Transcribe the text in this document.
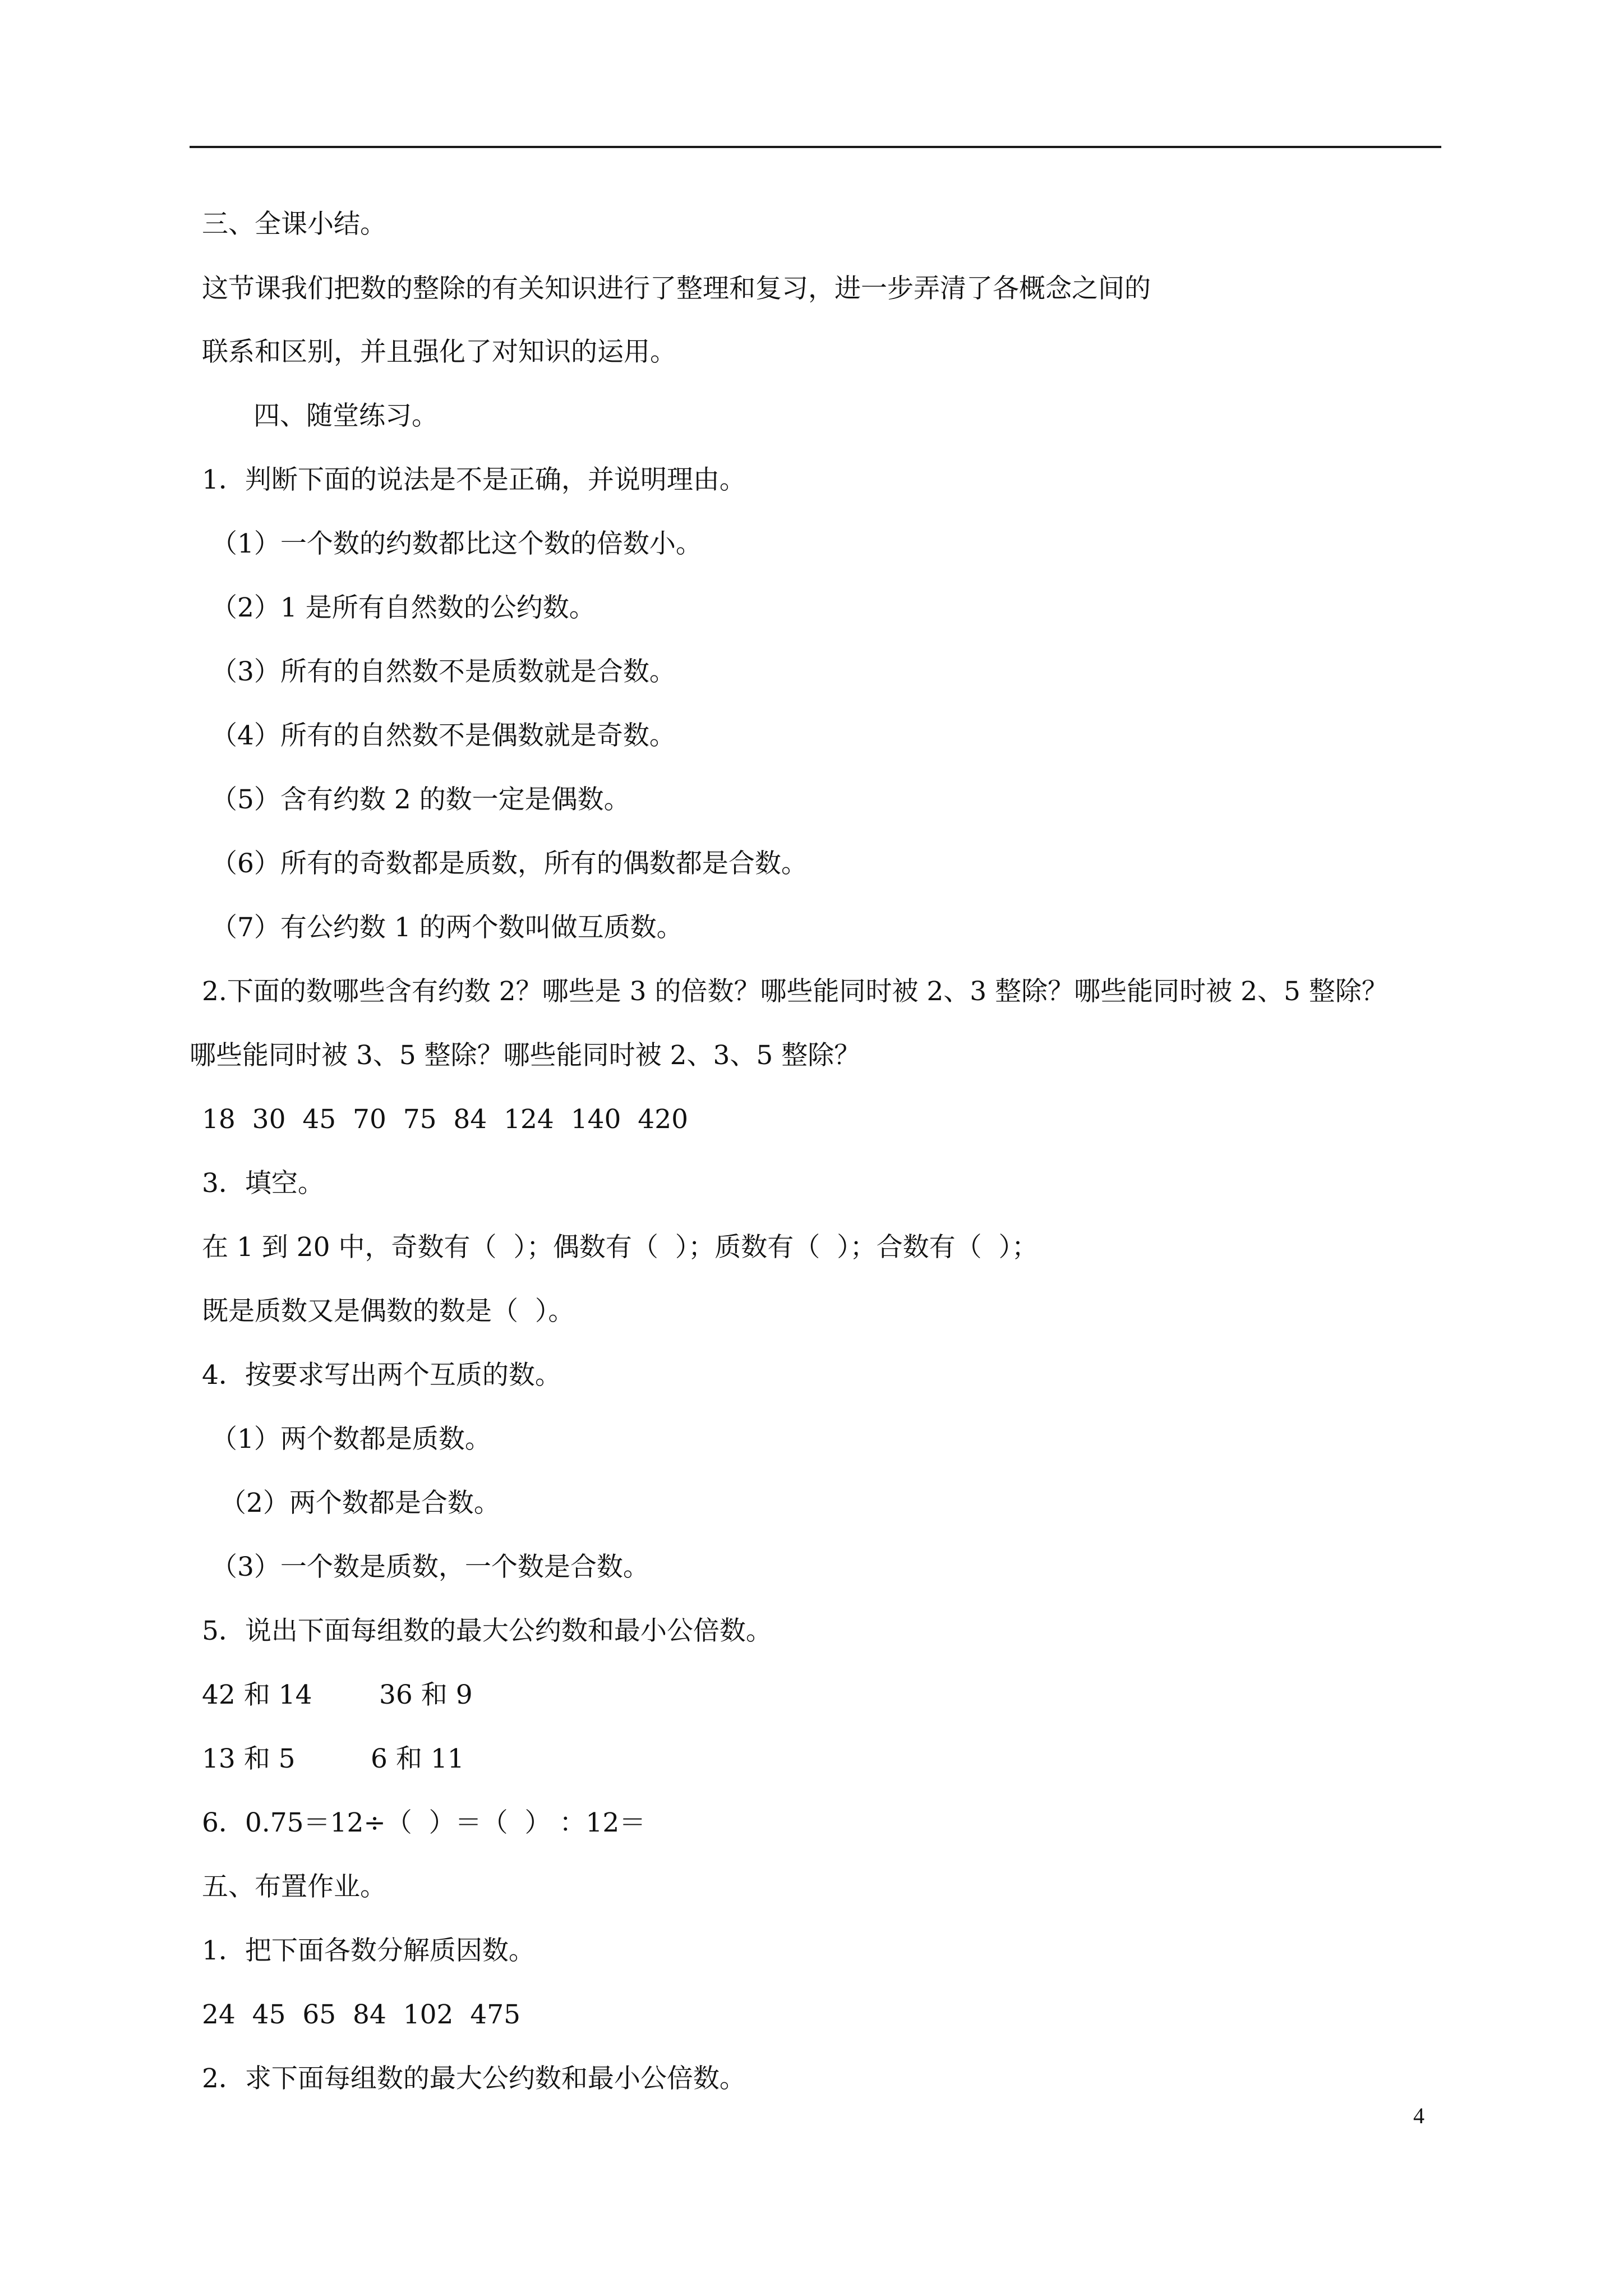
三、全课小结。
这节课我们把数的整除的有关知识进行了整理和复习，进一步弄清了各概念之间的
联系和区别，并且强化了对知识的运用。
四、随堂练习。
1．判断下面的说法是不是正确，并说明理由。
（1）一个数的约数都比这个数的倍数小。
（2）1 是所有自然数的公约数。
（3）所有的自然数不是质数就是合数。
（4）所有的自然数不是偶数就是奇数。
（5）含有约数 2 的数一定是偶数。
（6）所有的奇数都是质数，所有的偶数都是合数。
（7）有公约数 1 的两个数叫做互质数。
2.下面的数哪些含有约数 2？哪些是 3 的倍数？哪些能同时被 2、3 整除？哪些能同时被 2、5 整除？
哪些能同时被 3、5 整除？哪些能同时被 2、3、5 整除？
18  30  45  70  75  84  124  140  420
3．填空。
在 1 到 20 中，奇数有（  ）；偶数有（  ）；质数有（  ）；合数有（  ）；
既是质数又是偶数的数是（  ）。
4．按要求写出两个互质的数。
（1）两个数都是质数。
（2）两个数都是合数。
（3）一个数是质数，一个数是合数。
5．说出下面每组数的最大公约数和最小公倍数。
42 和 14        36 和 9
13 和 5         6 和 11
6．0.75＝12÷（  ）＝（  ） ：12＝
五、布置作业。
1．把下面各数分解质因数。
24  45  65  84  102  475
2．求下面每组数的最大公约数和最小公倍数。
4
